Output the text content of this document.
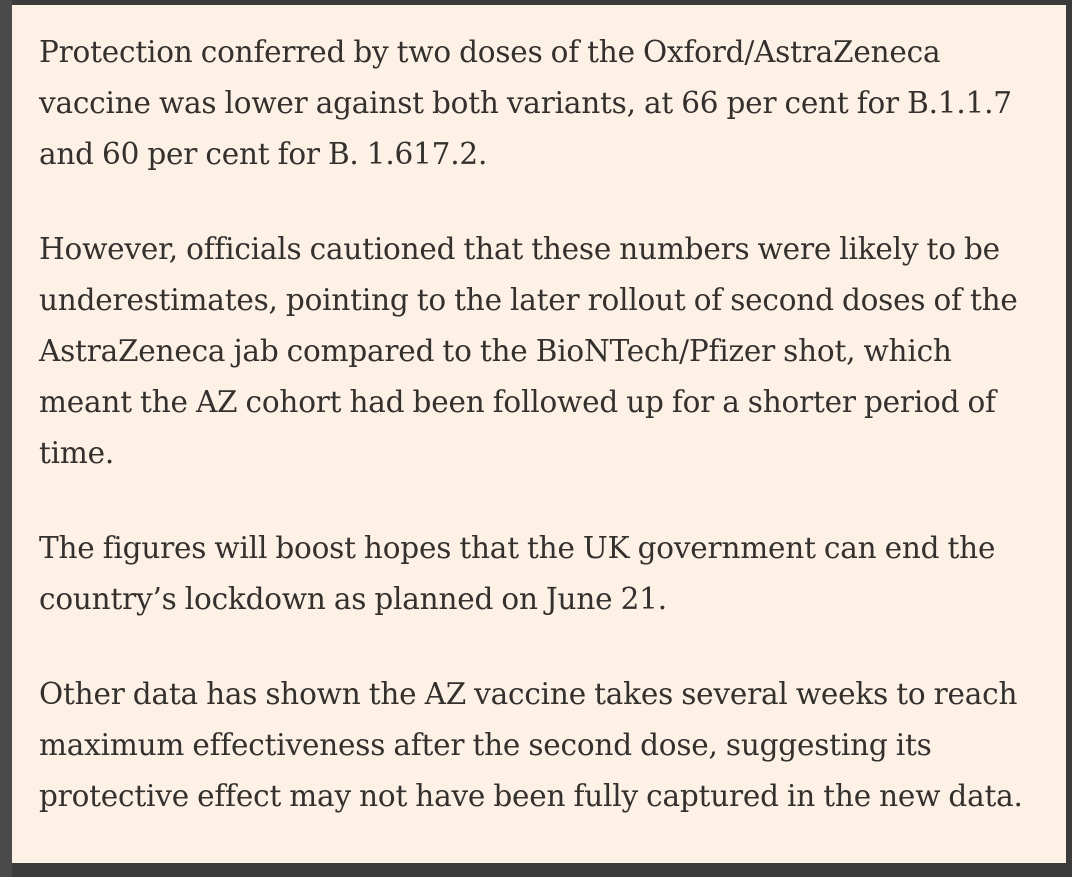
Protection conferred by two doses of the Oxford/AstraZeneca vaccine was lower against both variants, at 66 per cent for B.1.1.7 and 60 per cent for B. 1.617.2.

However, officials cautioned that these numbers were likely to be underestimates, pointing to the later rollout of second doses of the AstraZeneca jab compared to the BioNTech/Pfizer shot, which meant the AZ cohort had been followed up for a shorter period of time.

The figures will boost hopes that the UK government can end the country’s lockdown as planned on June 21.

Other data has shown the AZ vaccine takes several weeks to reach maximum effectiveness after the second dose, suggesting its protective effect may not have been fully captured in the new data.
